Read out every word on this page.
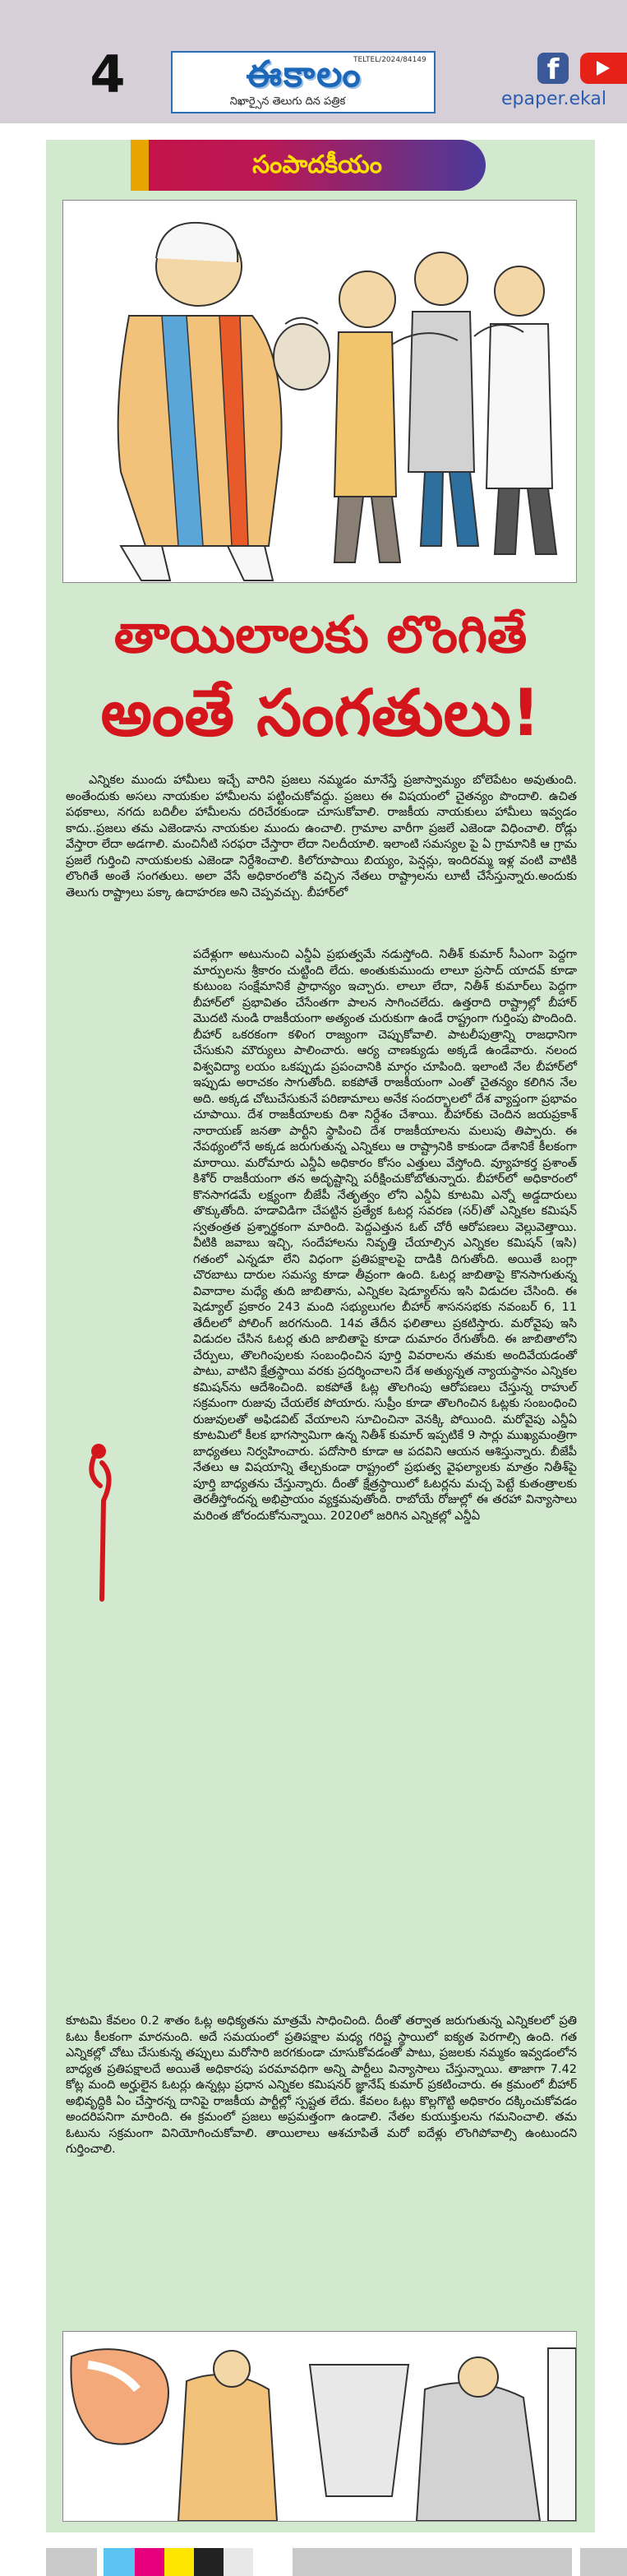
4	ఈకాలం
నిఖార్సైన తెలుగు దిన పత్రిక
TELTEL/2024/84149	f
epaper.ekal
సంపాదకీయం
తాయిలాలకు లొంగితే
అంతే సంగతులు!
ఎన్నికల ముందు హామీలు ఇచ్చే వారిని ప్రజలు నమ్మడం మానేస్తే ప్రజాస్వామ్యం బోలెపేటం అవుతుంది. అంతేందుకు అసలు నాయకుల హామీలను పట్టించుకోవద్దు. ప్రజలు ఈ విషయంలో చైతన్యం పొందాలి. ఉచిత పథకాలు, నగదు బదిలీల హామీలను దరిచేరకుండా చూసుకోవాలి. రాజకీయ నాయకులు హామీలు ఇవ్వడం కాదు..ప్రజలు తమ ఎజెండాను నాయకుల ముందు ఉంచాలి. గ్రామాల వారీగా ప్రజలే ఎజెండా విధించాలి. రోడ్లు వేస్తారా లేదా అడగాలి. మంచినీటి సరఫరా చేస్తారా లేదా నిలదీయాలి. ఇలాంటి సమస్యల పై ఏ గ్రామానికి ఆ గ్రామ ప్రజలే గుర్తించి నాయకులకు ఎజెండా నిర్దేశించాలి. కిలోరూపాయి బియ్యం, పెన్షన్లు, ఇందిరమ్మ ఇళ్ల వంటి వాటికి లొంగితే అంతే సంగతులు. అలా వేసే అధికారంలోకి వచ్చిన నేతలు రాష్ట్రాలను లూటీ చేసేస్తున్నారు.అందుకు తెలుగు రాష్ట్రాలు పక్కా ఉదాహరణ అని చెప్పవచ్చు. బీహార్‌లో
పదేళ్లుగా అటునుంచి ఎన్డీఏ ప్రభుత్వమే నడుస్తోంది. నితీశ్ కుమార్ సీఎంగా పెద్దగా మార్పులను శ్రీకారం చుట్టింది లేదు. అంతుకుముందు లాలూ ప్రసాద్ యాదవ్ కూడా కుటుంబ సంక్షేమానికే ప్రాధాన్యం ఇచ్చారు. లాలూ లేదా, నితీశ్ కుమార్‌లు పెద్దగా బీహార్‌లో ప్రభావితం చేసేంతగా పాలన సాగించలేదు. ఉత్తరాది రాష్ట్రాల్లో బీహార్ మొదటి నుండి రాజకీయంగా అత్యంత చురుకుగా ఉండే రాష్ట్రంగా గుర్తింపు పొందింది. బీహార్ ఒకరకంగా కళింగ రాజ్యంగా చెప్పుకోవాలి. పాటలీపుత్రాన్ని రాజధానిగా చేసుకుని మౌర్యులు పాలించారు. ఆర్య చాణక్యుడు అక్కడే ఉండేవారు. నలంద విశ్వవిద్యా లయం ఒకప్పుడు ప్రపంచానికి మార్గం చూపింది. ఇలాంటి నేల బీహార్‌లో ఇప్పుడు అరాచకం సాగుతోంది. ఐకపోతే రాజకీయంగా ఎంతో చైతన్యం కలిగిన నేల అది. అక్కడ చోటుచేసుకునే పరిణామాలు అనేక సందర్భాలలో దేశ వ్యాప్తంగా ప్రభావం చూపాయి. దేశ రాజకీయాలకు దిశా నిర్దేశం చేశాయి. బీహార్‌కు చెందిన జయప్రకాశ్ నారాయణ్ జనతా పార్టీని స్థాపించి దేశ రాజకీయాలను మలుపు తిప్పారు. ఈ నేపథ్యంలోనే అక్కడ జరుగుతున్న ఎన్నికలు ఆ రాష్ట్రానికి కాకుండా దేశానికే కీలకంగా మారాయి. మరోమారు ఎన్డీఏ అధికారం కోసం ఎత్తులు వేస్తోంది. వ్యూహకర్త ప్రశాంత్ కిశోర్ రాజకీయంగా తన అదృష్టాన్ని పరీక్షించుకోబోతున్నారు. బీహార్‌లో అధికారంలో కొనసాగడమే లక్ష్యంగా బీజేపీ నేతృత్వం లోని ఎన్డీఏ కూటమి ఎన్నో అడ్డదారులు తొక్కుతోంది. హడావిడిగా చేపట్టిన ప్రత్యేక ఓటర్ల సవరణ (సర్)తో ఎన్నికల కమిషన్ స్వతంత్రత ప్రశ్నార్థకంగా మారింది. పెద్దఎత్తున ఓట్ చోరీ ఆరోపణలు వెల్లువెత్తాయి. వీటికి జవాబు ఇచ్చి, సందేహాలను నివృత్తి చేయాల్సిన ఎన్నికల కమిషన్ (ఇసి) గతంలో ఎన్నడూ లేని విధంగా ప్రతిపక్షాలపై దాడికి దిగుతోంది. అయితే బంగ్లా చొరబాటు దారుల సమస్య కూడా తీవ్రంగా ఉంది. ఓటర్ల జాబితాపై కొనసాగుతున్న వివాదాల మధ్యే తుది జాబితాను, ఎన్నికల షెడ్యూల్‌ను ఇసి విడుదల చేసింది. ఈ షెడ్యూల్ ప్రకారం 243 మంది సభ్యులుగల బీహార్ శాసనసభకు నవంబర్ 6, 11 తేదీలలో పోలింగ్ జరగనుంది. 14వ తేదీన ఫలితాలు ప్రకటిస్తారు. మరోవైపు ఇసి విడుదల చేసిన ఓటర్ల తుది జాబితాపై కూడా దుమారం రేగుతోంది. ఈ జాబితాలోని చేర్పులు, తొలగింపులకు సంబంధించిన పూర్తి వివరాలను తమకు అందివేయడంతో పాటు, వాటిని క్షేత్రస్థాయి వరకు ప్రదర్శించాలని దేశ అత్యున్నత న్యాయస్థానం ఎన్నికల కమిషన్‌ను ఆదేశించింది. ఐకపోతే ఓట్ల తొలగింపు ఆరోపణలు చేస్తున్న రాహుల్ సక్రమంగా రుజువు చేయలేక పోయారు. సుప్రీం కూడా తొలగించిన ఓట్లకు సంబంధించి రుజువులతో అఫిడవిట్ వేయాలని సూచించినా వెనక్కి పోయింది. మరోవైపు ఎన్డీఏ కూటమిలో కీలక భాగస్వామిగా ఉన్న నితీశ్ కుమార్ ఇప్పటికే 9 సార్లు ముఖ్యమంత్రిగా బాధ్యతలు నిర్వహించారు. పదోసారి కూడా ఆ పదవిని ఆయన ఆశిస్తున్నారు. బీజేపీ నేతలు ఆ విషయాన్ని తేల్చకుండా రాష్ట్రంలో ప్రభుత్వ వైఫల్యాలకు మాత్రం నితీశ్‌పై పూర్తి బాధ్యతను చేస్తున్నారు. దీంతో క్షేత్రస్థాయిలో ఓటర్లను మచ్చ పెట్టే కుతంత్రాలకు తెరతీస్తోందన్న అభిప్రాయం వ్యక్తమవుతోంది. రాబోయే రోజుల్లో ఈ తరహా విన్యాసాలు మరింత జోరందుకోనున్నాయి. 2020లో జరిగిన ఎన్నికల్లో ఎన్డీఏ
కూటమి కేవలం 0.2 శాతం ఓట్ల అధిక్యతను మాత్రమే సాధించింది. దీంతో తర్వాత జరుగుతున్న ఎన్నికలలో ప్రతి ఓటు కీలకంగా మారనుంది. అదే సమయంలో ప్రతిపక్షాల మధ్య గరిష్ట స్థాయిలో ఐక్యత పెరగాల్సి ఉంది. గత ఎన్నికల్లో చోటు చేసుకున్న తప్పులు మరోసారి జరగకుండా చూసుకోవడంతో పాటు, ప్రజలకు నమ్మకం ఇవ్వడంలోన బాధ్యత ప్రతిపక్షాలదే అయితే అధికారపు పరమావధిగా అన్ని పార్టీలు విన్యాసాలు చేస్తున్నాయి. తాజాగా 7.42 కోట్ల మంది అర్హులైన ఓటర్లు ఉన్నట్లు ప్రధాన ఎన్నికల కమిషనర్ జ్ఞానేష్ కుమార్ ప్రకటించారు. ఈ క్రమంలో బీహార్ అభివృద్ధికి ఏం చేస్తారన్న దానిపై రాజకీయ పార్టీల్లో స్పష్టత లేదు. కేవలం ఓట్లు కొల్లగొట్టి అధికారం దక్కించుకోవడం అందరిపనిగా మారింది. ఈ క్రమంలో ప్రజలు అప్రమత్తంగా ఉండాలి. నేతల కుయుక్తులను గమనించాలి. తమ ఓటును సక్రమంగా వినియోగించుకోవాలి. తాయిలాలు ఆశచూపితే మరో ఐదేళ్లు లొంగిపోవాల్సి ఉంటుందని గుర్తించాలి.
